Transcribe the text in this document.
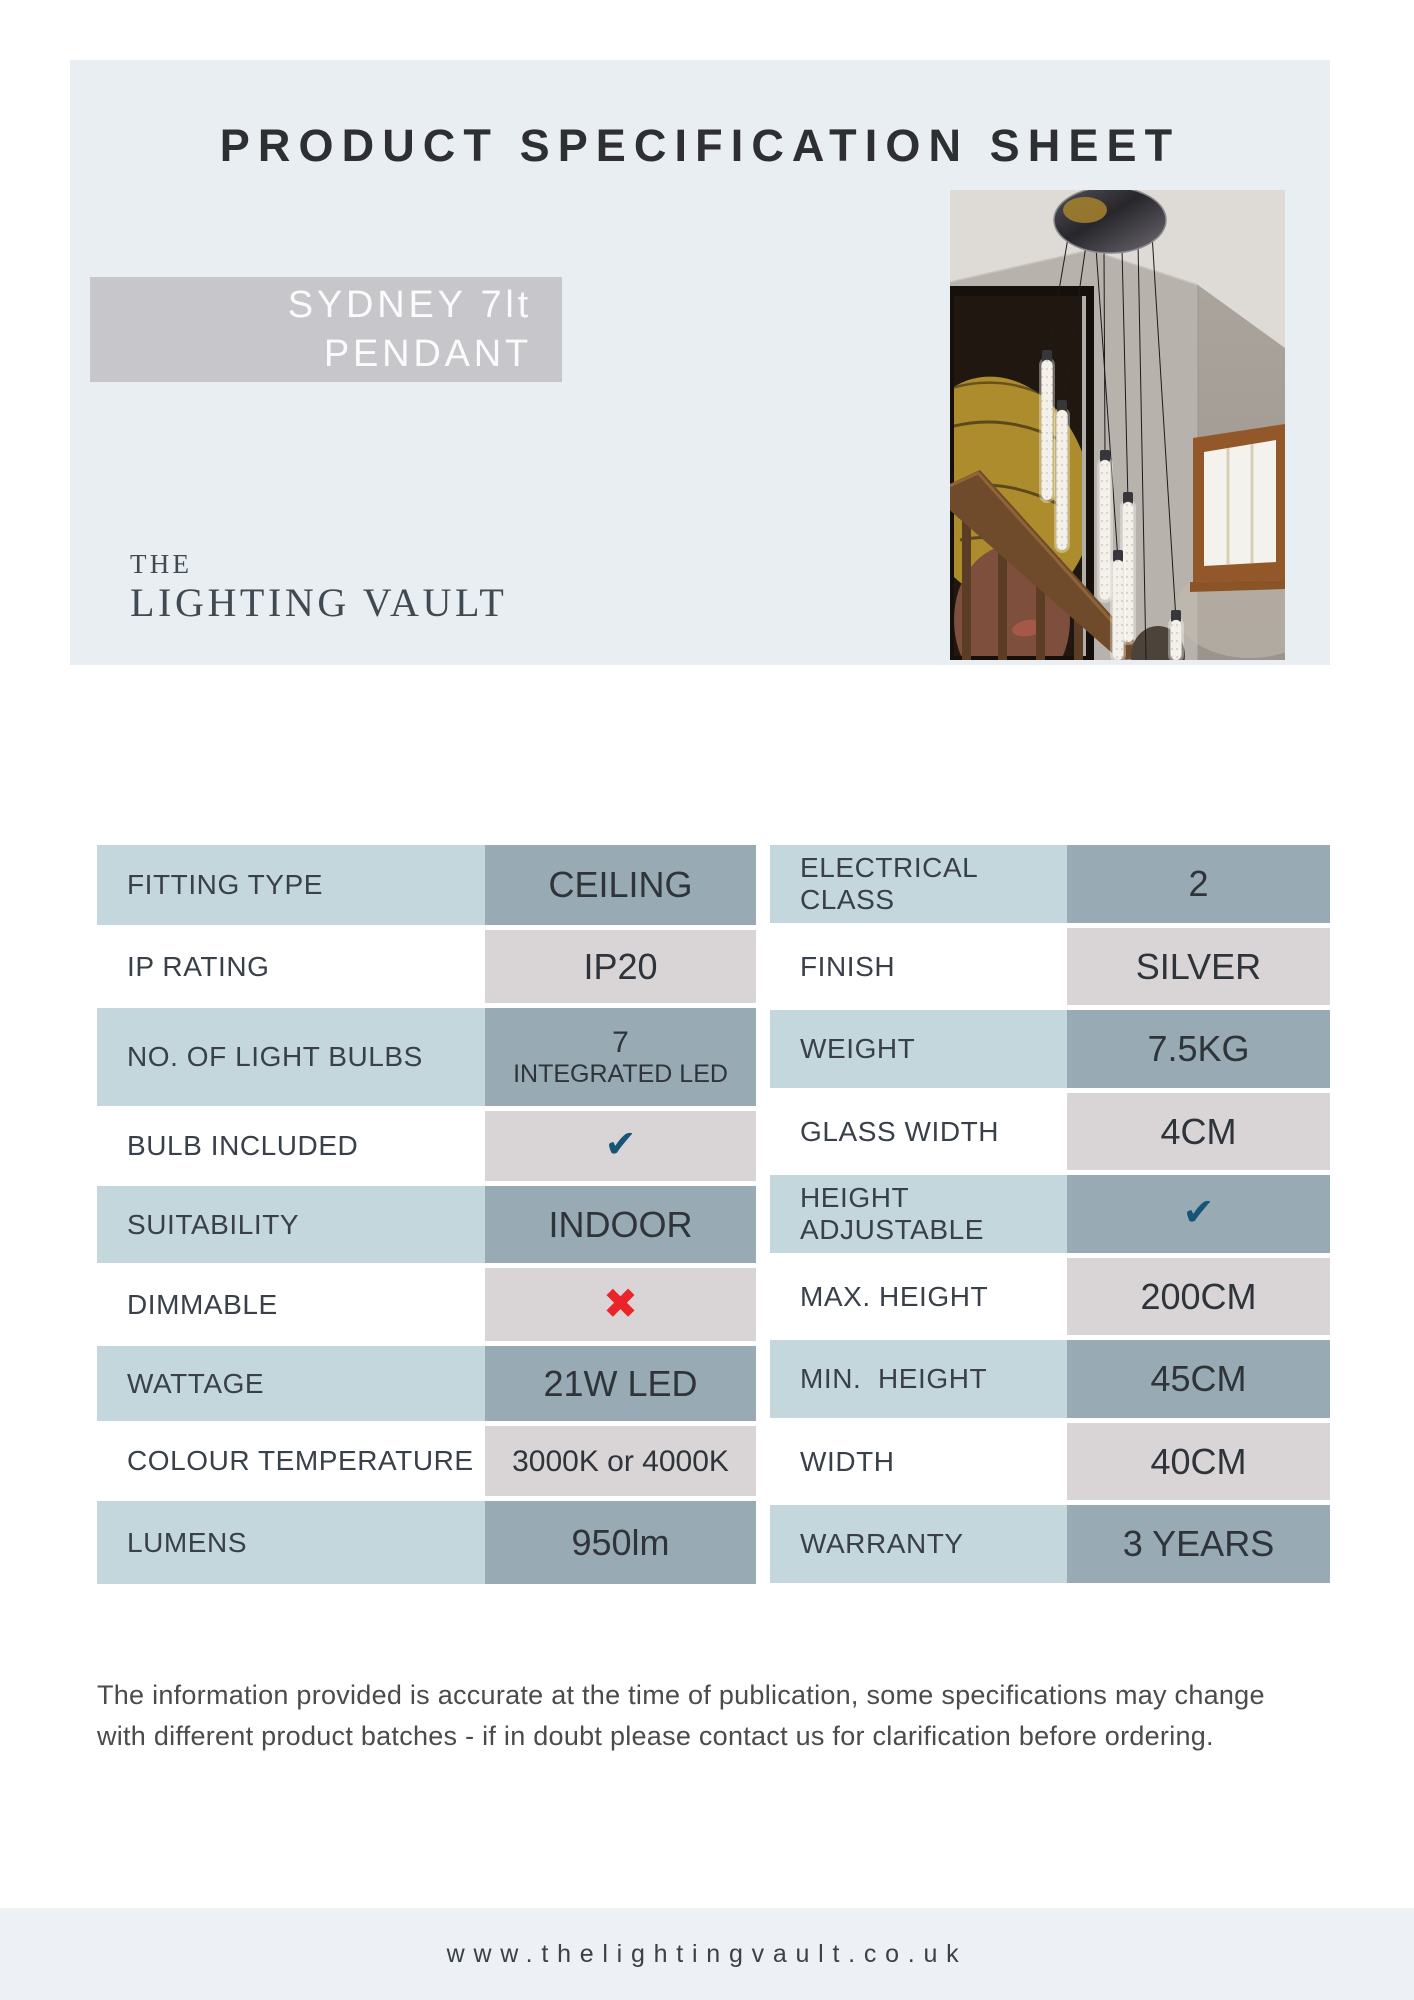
PRODUCT SPECIFICATION SHEET
SYDNEY 7lt
PENDANT
THE
LIGHTING VAULT
FITTING TYPE	CEILING
IP RATING	IP20
NO. OF LIGHT BULBS	7
INTEGRATED LED
BULB INCLUDED	✔
SUITABILITY	INDOOR
DIMMABLE	✖
WATTAGE	21W LED
COLOUR TEMPERATURE	3000K or 4000K
LUMENS	950lm
ELECTRICAL CLASS	2
FINISH	SILVER
WEIGHT	7.5KG
GLASS WIDTH	4CM
HEIGHT ADJUSTABLE	✔
MAX. HEIGHT	200CM
MIN.  HEIGHT	45CM
WIDTH	40CM
WARRANTY	3 YEARS
The information provided is accurate at the time of publication, some specifications may change
with different product batches - if in doubt please contact us for clarification before ordering.
www.thelightingvault.co.uk
